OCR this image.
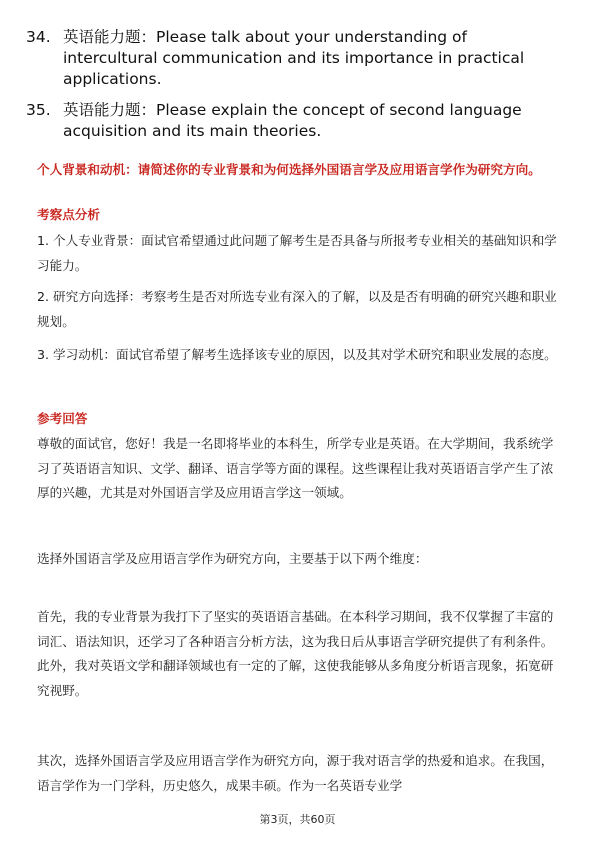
34. 英语能力题：Please talk about your understanding of intercultural communication and its importance in practical applications.
35. 英语能力题：Please explain the concept of second language acquisition and its main theories.
个人背景和动机：请简述你的专业背景和为何选择外国语言学及应用语言学作为研究方向。
考察点分析
1. 个人专业背景：面试官希望通过此问题了解考生是否具备与所报考专业相关的基础知识和学习能力。
2. 研究方向选择：考察考生是否对所选专业有深入的了解，以及是否有明确的研究兴趣和职业规划。
3. 学习动机：面试官希望了解考生选择该专业的原因，以及其对学术研究和职业发展的态度。
参考回答
尊敬的面试官，您好！我是一名即将毕业的本科生，所学专业是英语。在大学期间，我系统学习了英语语言知识、文学、翻译、语言学等方面的课程。这些课程让我对英语语言学产生了浓厚的兴趣，尤其是对外国语言学及应用语言学这一领域。
选择外国语言学及应用语言学作为研究方向，主要基于以下两个维度：
首先，我的专业背景为我打下了坚实的英语语言基础。在本科学习期间，我不仅掌握了丰富的词汇、语法知识，还学习了各种语言分析方法，这为我日后从事语言学研究提供了有利条件。此外，我对英语文学和翻译领域也有一定的了解，这使我能够从多角度分析语言现象，拓宽研究视野。
其次，选择外国语言学及应用语言学作为研究方向，源于我对语言学的热爱和追求。在我国，语言学作为一门学科，历史悠久，成果丰硕。作为一名英语专业学
第3页，共60页
